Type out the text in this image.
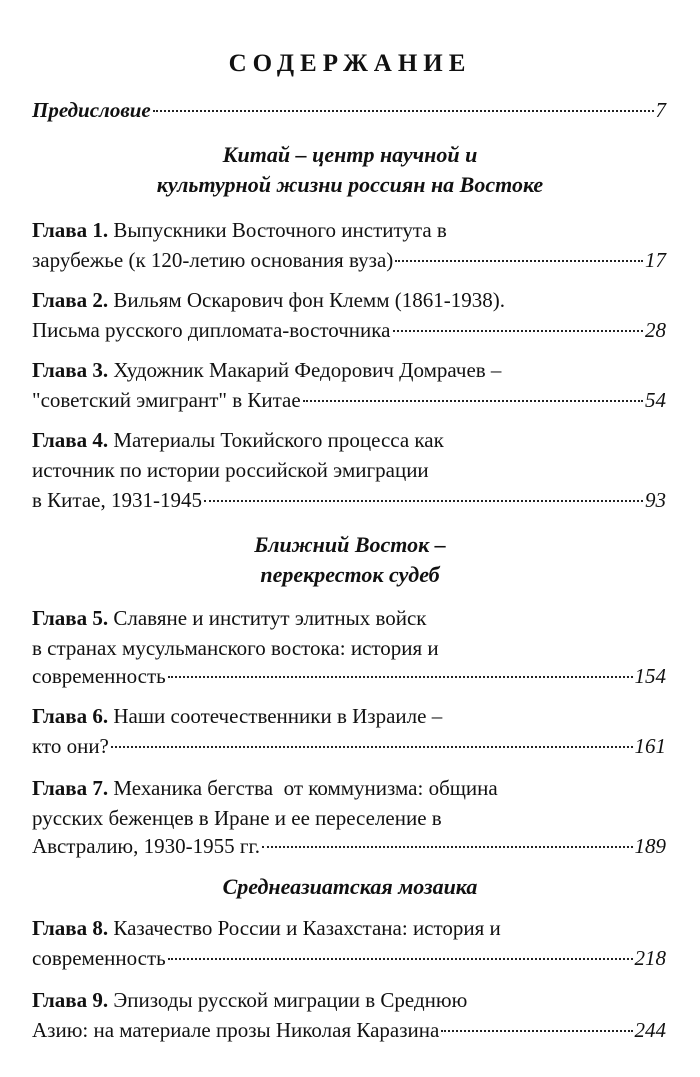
СОДЕРЖАНИЕ
Предисловие	7
Китай – центр научной и
культурной жизни россиян на Востоке
Глава 1. Выпускники Восточного института в
зарубежье (к 120-летию основания вуза)	17
Глава 2. Вильям Оскарович фон Клемм (1861-1938).
Письма русского дипломата-восточника	28
Глава 3. Художник Макарий Федорович Домрачев –
"советский эмигрант" в Китае	54
Глава 4. Материалы Токийского процесса как
источник по истории российской эмиграции
в Китае, 1931-1945	93
Ближний Восток –
перекресток судеб
Глава 5. Славяне и институт элитных войск
в странах мусульманского востока: история и
современность	154
Глава 6. Наши соотечественники в Израиле –
кто они?	161
Глава 7. Механика бегства  от коммунизма: община
русских беженцев в Иране и ее переселение в
Австралию, 1930-1955 гг.	189
Среднеазиатская мозаика
Глава 8. Казачество России и Казахстана: история и
современность	218
Глава 9. Эпизоды русской миграции в Среднюю
Азию: на материале прозы Николая Каразина	244
